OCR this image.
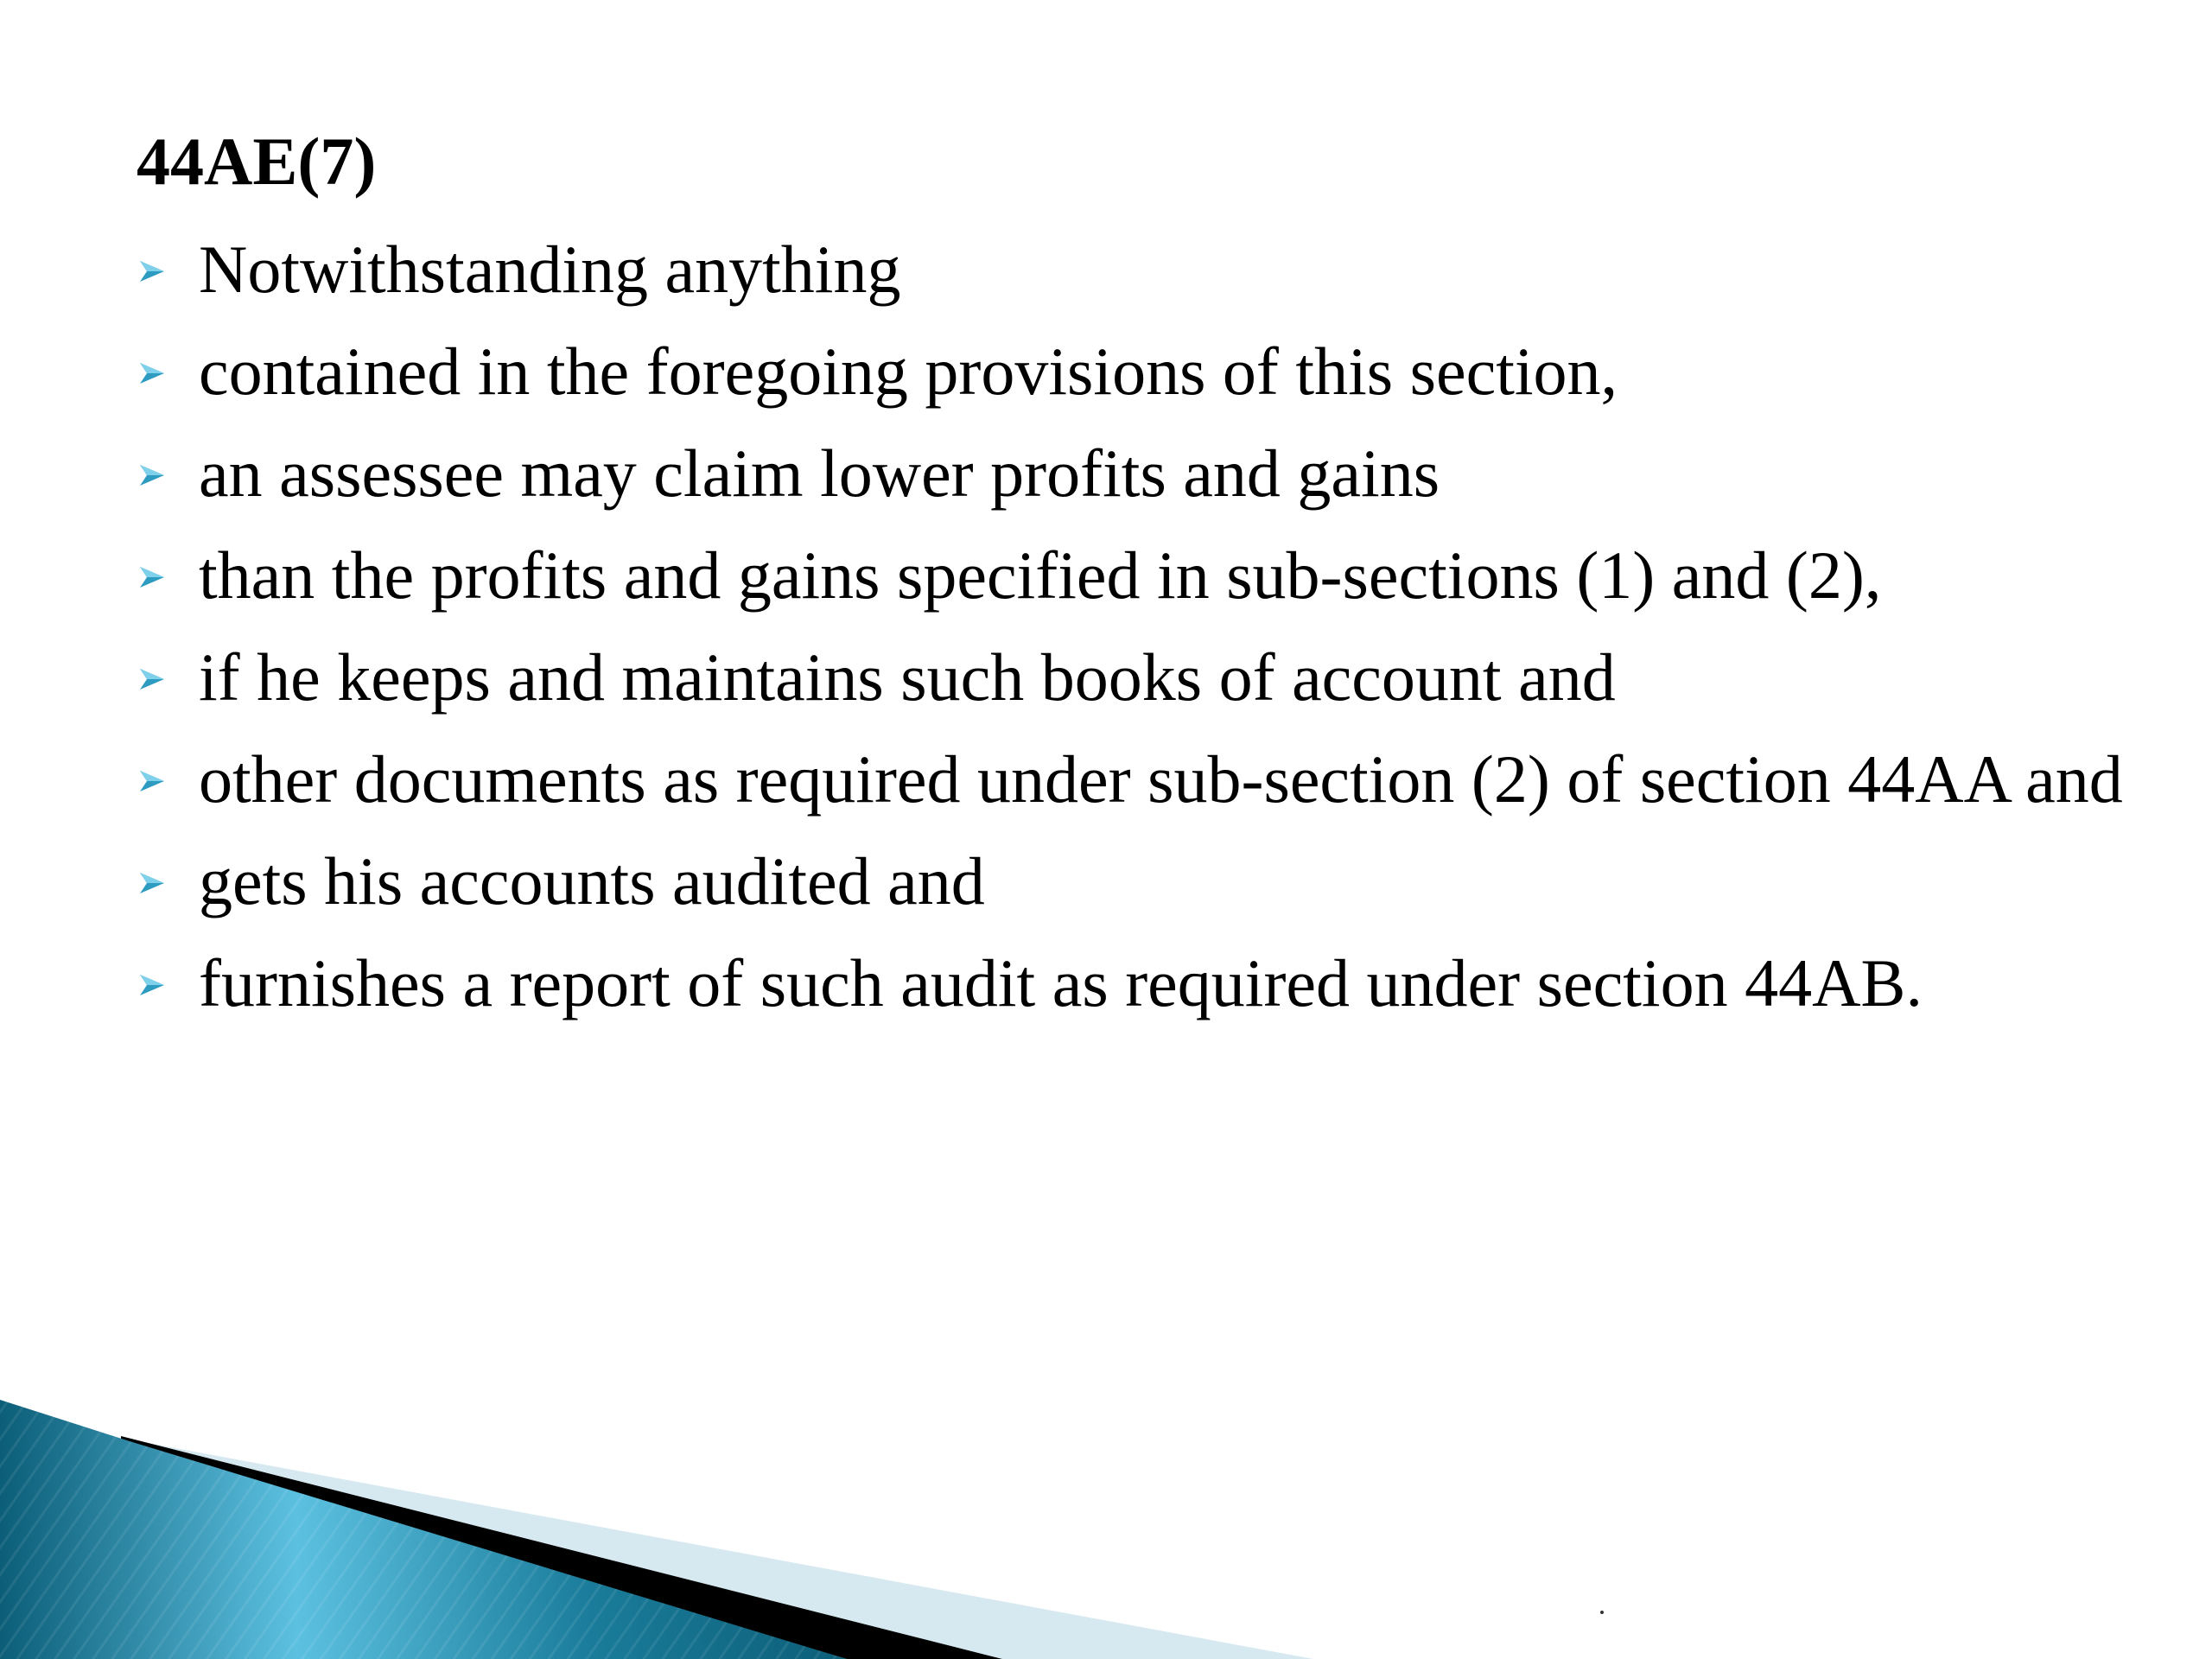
44AE(7)
Notwithstanding anything
contained in the foregoing provisions of this section,
an assessee may claim lower profits and gains
than the profits and gains specified in sub-sections (1) and (2),
if he keeps and maintains such books of account and
other documents as required under sub-section (2) of section 44AA and
gets his accounts audited and
furnishes a report of such audit as required under section 44AB.
